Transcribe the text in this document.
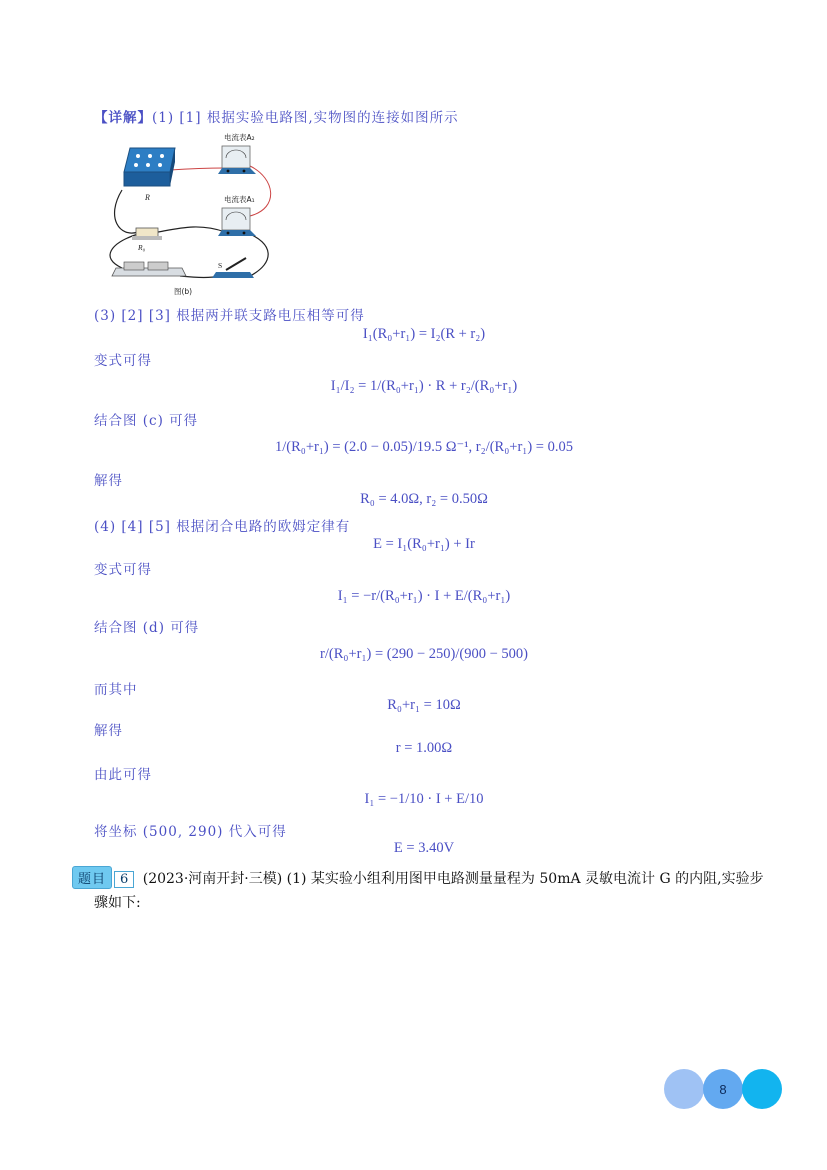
【详解】(1) [1] 根据实验电路图,实物图的连接如图所示
R
电流表A₂
电流表A₁
R₀
S
图(b)
(3) [2] [3] 根据两并联支路电压相等可得
I₁(R₀+r₁) = I₂(R + r₂)
变式可得
I₁/I₂ = 1/(R₀+r₁) · R + r₂/(R₀+r₁)
结合图 (c) 可得
1/(R₀+r₁) = (2.0 − 0.05)/19.5 Ω⁻¹, r₂/(R₀+r₁) = 0.05
解得
R₀ = 4.0Ω, r₂ = 0.50Ω
(4) [4] [5] 根据闭合电路的欧姆定律有
E = I₁(R₀+r₁) + Ir
变式可得
I₁ = −r/(R₀+r₁) · I + E/(R₀+r₁)
结合图 (d) 可得
r/(R₀+r₁) = (290 − 250)/(900 − 500)
而其中
R₀+r₁ = 10Ω
解得
r = 1.00Ω
由此可得
I₁ = −1/10 · I + E/10
将坐标 (500, 290) 代入可得
E = 3.40V
题目 6 (2023·河南开封·三模) (1) 某实验小组利用图甲电路测量量程为 50mA 灵敏电流计 G 的内阻,实验步
骤如下:
8
